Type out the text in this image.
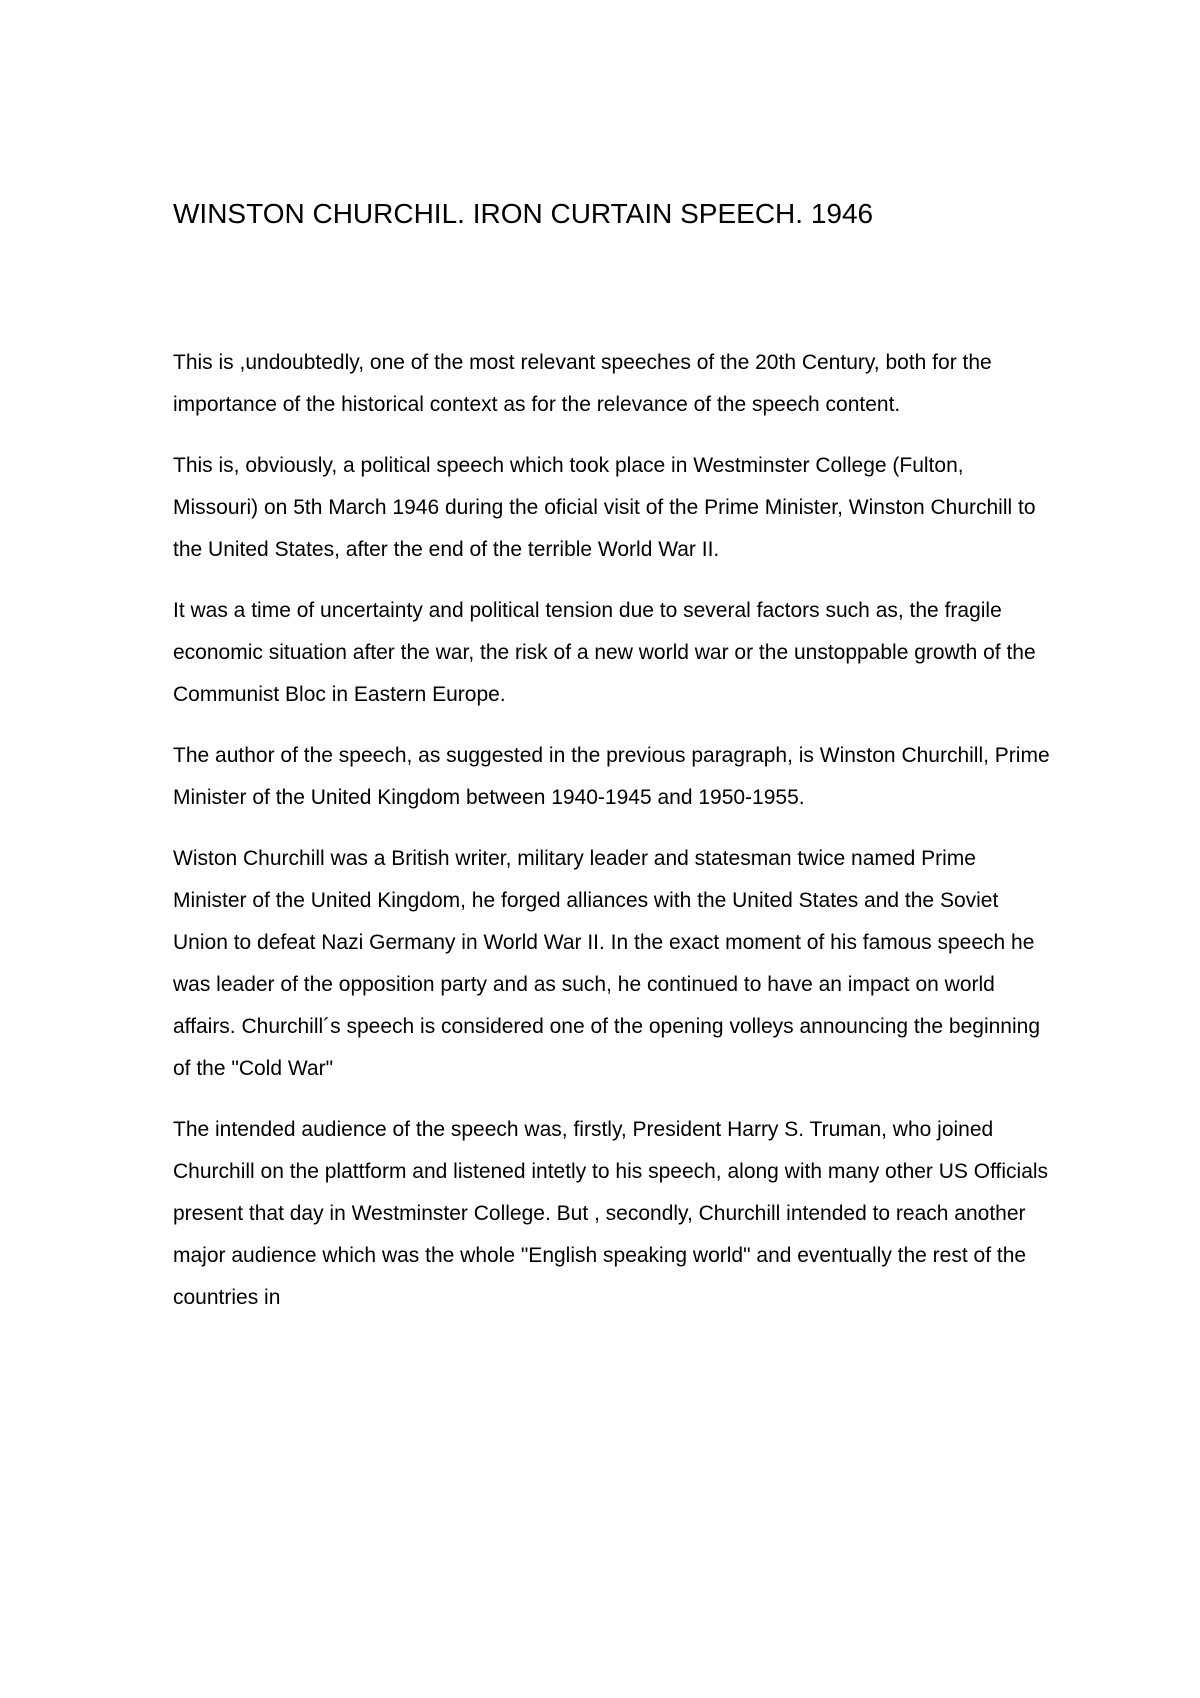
WINSTON CHURCHIL. IRON CURTAIN SPEECH. 1946

This is ,undoubtedly, one of the most relevant speeches of the 20th Century, both for the importance of the historical context as for the relevance of the speech content.

This is, obviously, a political speech which took place in Westminster College (Fulton, Missouri) on 5th March 1946 during the oficial visit of the Prime Minister, Winston Churchill to the United States, after the end of the terrible World War II.

It was a time of uncertainty and political tension due to several factors such as, the fragile economic situation after the war, the risk of a new world war or the unstoppable growth of the Communist Bloc in Eastern Europe.

The author of the speech, as suggested in the previous paragraph, is Winston Churchill, Prime Minister of the United Kingdom between 1940-1945 and 1950-1955.

Wiston Churchill was a British writer, military leader and statesman twice named Prime Minister of the United Kingdom, he forged alliances with the United States and the Soviet Union to defeat Nazi Germany in World War II. In the exact moment of his famous speech he was leader of the opposition party and as such, he continued to have an impact on world affairs. Churchill´s speech is considered one of the opening volleys announcing the beginning of the "Cold War"

The intended audience of the speech was, firstly, President Harry S. Truman, who joined Churchill on the plattform and listened intetly to his speech, along with many other US Officials present that day in Westminster College. But , secondly, Churchill intended to reach another major audience which was the whole "English speaking world" and eventually the rest of the countries in
